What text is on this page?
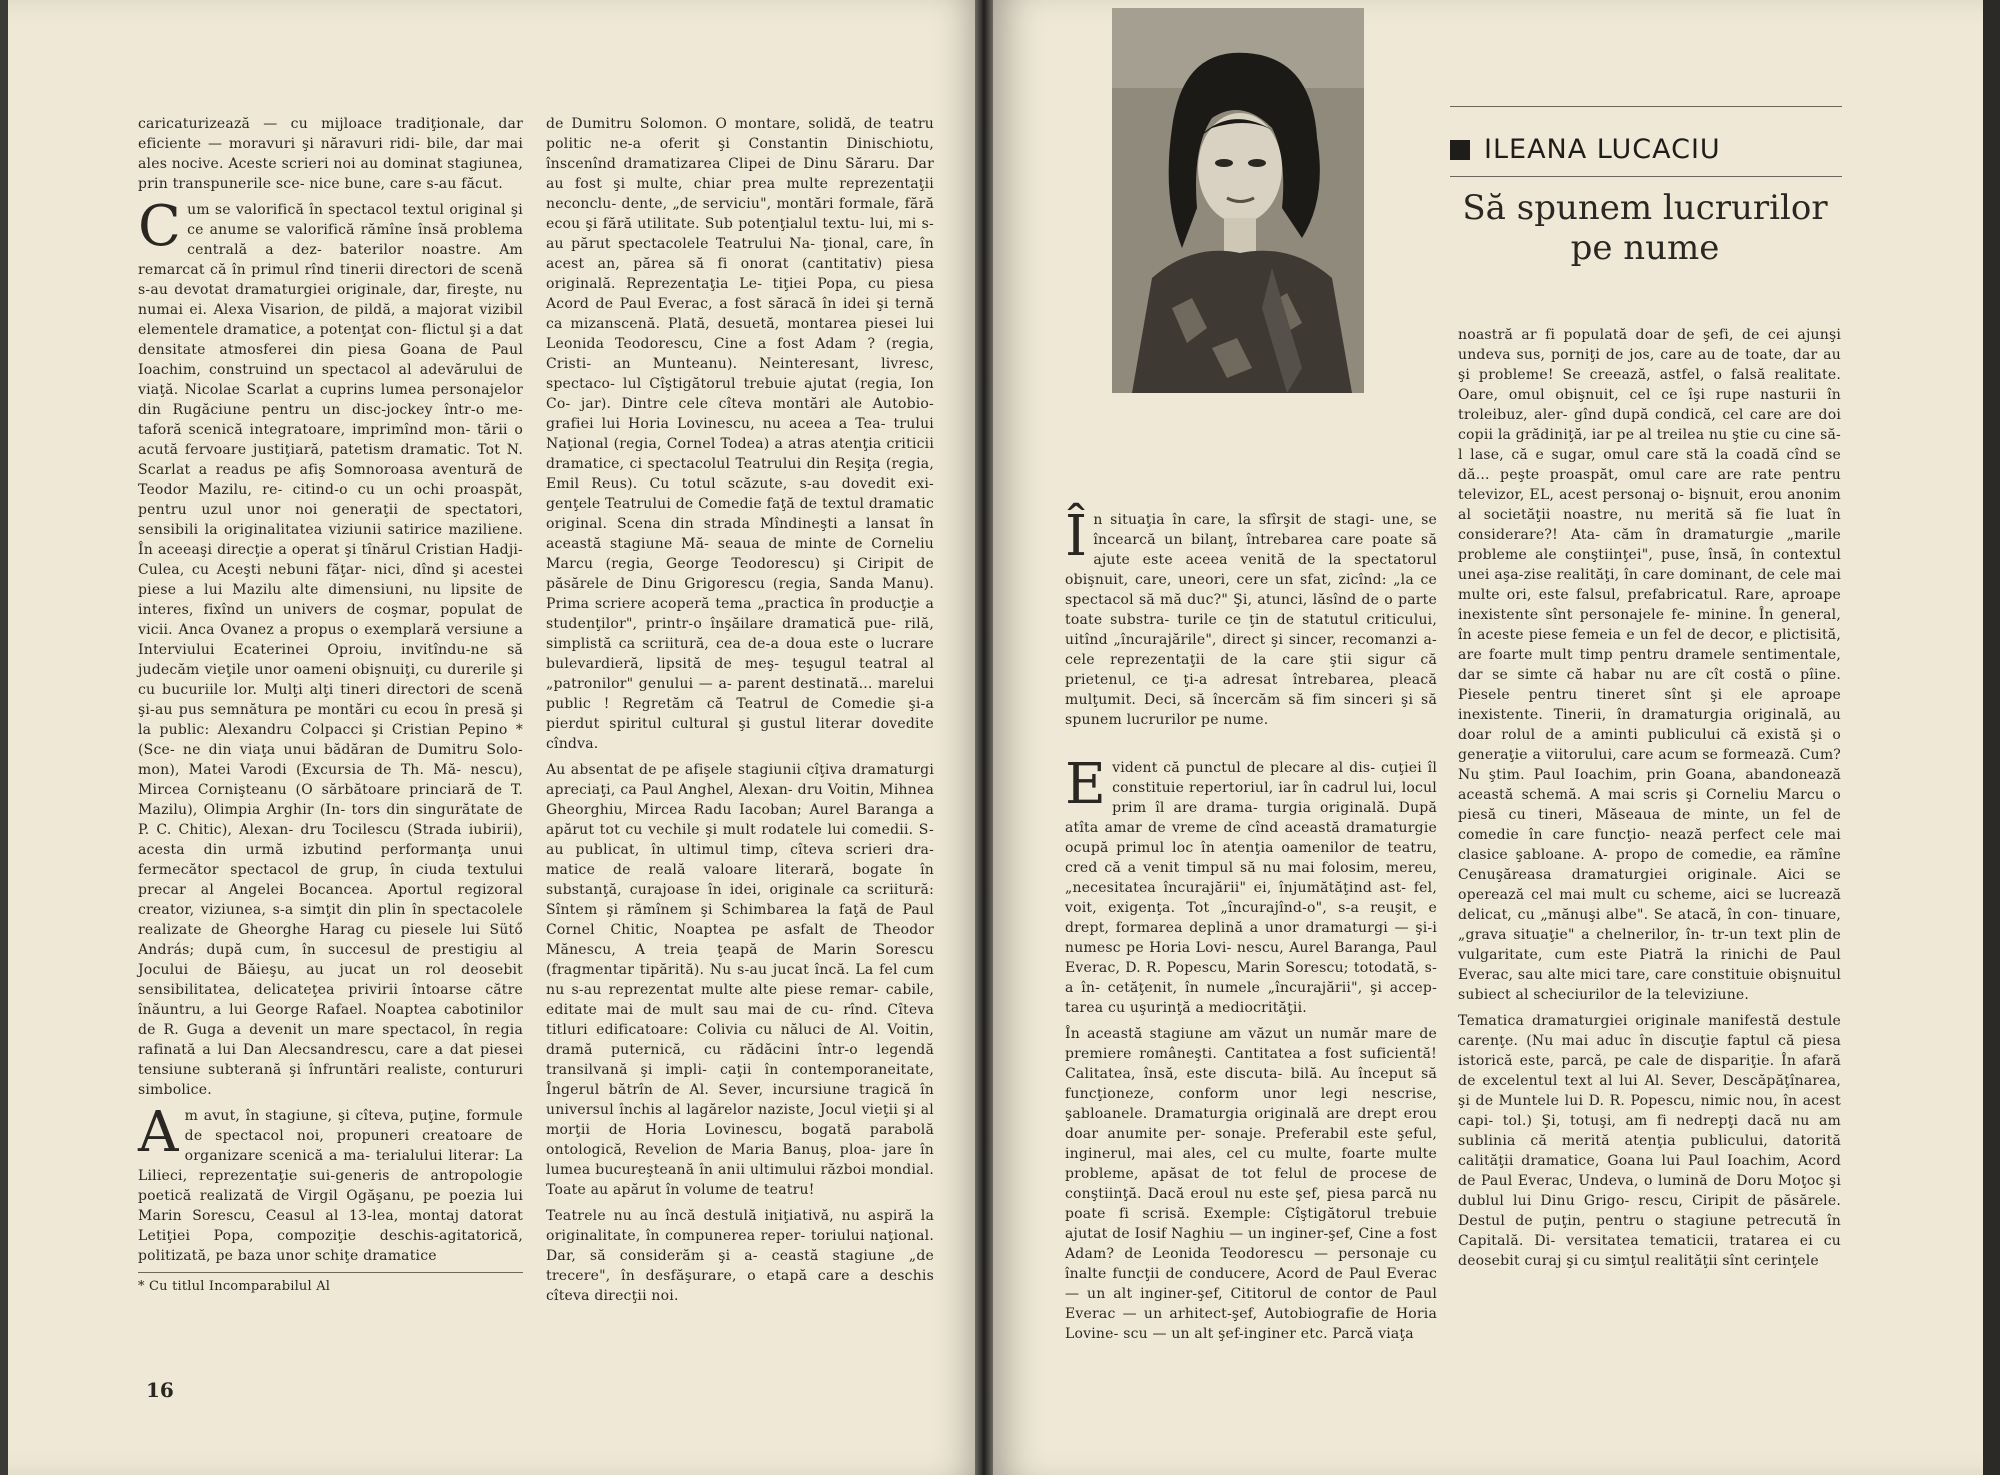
caricaturizează — cu mijloace tradiţionale, dar eficiente — moravuri şi năravuri ridi- bile, dar mai ales nocive. Aceste scrieri noi au dominat stagiunea, prin transpunerile sce- nice bune, care s-au făcut.

Cum se valorifică în spectacol textul original şi ce anume se valorifică rămîne însă problema centrală a dez- baterilor noastre. Am remarcat că în primul rînd tinerii directori de scenă s-au devotat dramaturgiei originale, dar, fireşte, nu numai ei. Alexa Visarion, de pildă, a majorat vizibil elementele dramatice, a potenţat con- flictul şi a dat densitate atmosferei din piesa Goana de Paul Ioachim, construind un spectacol al adevărului de viaţă. Nicolae Scarlat a cuprins lumea personajelor din Rugăciune pentru un disc-jockey într-o me- taforă scenică integratoare, imprimînd mon- tării o acută fervoare justiţiară, patetism dramatic. Tot N. Scarlat a readus pe afiş Somnoroasa aventură de Teodor Mazilu, re- citind-o cu un ochi proaspăt, pentru uzul unor noi generaţii de spectatori, sensibili la originalitatea viziunii satirice maziliene. În aceeaşi direcţie a operat şi tînărul Cristian Hadji-Culea, cu Aceşti nebuni făţar- nici, dînd şi acestei piese a lui Mazilu alte dimensiuni, nu lipsite de interes, fixînd un univers de coşmar, populat de vicii. Anca Ovanez a propus o exemplară versiune a Interviului Ecaterinei Oproiu, invitîndu-ne să judecăm vieţile unor oameni obişnuiţi, cu durerile şi cu bucuriile lor. Mulţi alţi tineri directori de scenă şi-au pus semnătura pe montări cu ecou în presă şi la public: Alexandru Colpacci şi Cristian Pepino * (Sce- ne din viaţa unui bădăran de Dumitru Solo- mon), Matei Varodi (Excursia de Th. Mă- nescu), Mircea Cornişteanu (O sărbătoare princiară de T. Mazilu), Olimpia Arghir (In- tors din singurătate de P. C. Chitic), Alexan- dru Tocilescu (Strada iubirii), acesta din urmă izbutind performanţa unui fermecător spectacol de grup, în ciuda textului precar al Angelei Bocancea. Aportul regizoral creator, viziunea, s-a simţit din plin în spectacolele realizate de Gheorghe Harag cu piesele lui Sütő András; după cum, în succesul de prestigiu al Jocului de Băieşu, au jucat un rol deosebit sensibilitatea, delicateţea privirii întoarse către înăuntru, a lui George Rafael. Noaptea cabotinilor de R. Guga a devenit un mare spectacol, în regia rafinată a lui Dan Alecsandrescu, care a dat piesei tensiune subterană şi înfruntări realiste, contururi simbolice.

Am avut, în stagiune, şi cîteva, puţine, formule de spectacol noi, propuneri creatoare de organizare scenică a ma- terialului literar: La Lilieci, reprezentaţie sui-generis de antropologie poetică realizată de Virgil Ogăşanu, pe poezia lui Marin Sorescu, Ceasul al 13-lea, montaj datorat Letiţiei Popa, compoziţie deschis-agitatorică, politizată, pe baza unor schiţe dramatice

* Cu titlul Incomparabilul Al

de Dumitru Solomon. O montare, solidă, de teatru politic ne-a oferit şi Constantin Dinischiotu, înscenînd dramatizarea Clipei de Dinu Săraru. Dar au fost şi multe, chiar prea multe reprezentaţii neconclu- dente, „de serviciu", montări formale, fără ecou şi fără utilitate. Sub potenţialul textu- lui, mi s-au părut spectacolele Teatrului Na- ţional, care, în acest an, părea să fi onorat (cantitativ) piesa originală. Reprezentaţia Le- tiţiei Popa, cu piesa Acord de Paul Everac, a fost săracă în idei şi ternă ca mizanscenă. Plată, desuetă, montarea piesei lui Leonida Teodorescu, Cine a fost Adam ? (regia, Cristi- an Munteanu). Neinteresant, livresc, spectaco- lul Cîştigătorul trebuie ajutat (regia, Ion Co- jar). Dintre cele cîteva montări ale Autobio- grafiei lui Horia Lovinescu, nu aceea a Tea- trului Naţional (regia, Cornel Todea) a atras atenţia criticii dramatice, ci spectacolul Teatrului din Reşiţa (regia, Emil Reus). Cu totul scăzute, s-au dovedit exi- genţele Teatrului de Comedie faţă de textul dramatic original. Scena din strada Mîndineşti a lansat în această stagiune Mă- seaua de minte de Corneliu Marcu (regia, George Teodorescu) şi Ciripit de păsărele de Dinu Grigorescu (regia, Sanda Manu). Prima scriere acoperă tema „practica în producţie a studenţilor", printr-o înşăilare dramatică pue- rilă, simplistă ca scriitură, cea de-a doua este o lucrare bulevardieră, lipsită de meş- teşugul teatral al „patronilor" genului — a- parent destinată... marelui public ! Regretăm că Teatrul de Comedie şi-a pierdut spiritul cultural şi gustul literar dovedite cîndva.

Au absentat de pe afişele stagiunii cîţiva dramaturgi apreciaţi, ca Paul Anghel, Alexan- dru Voitin, Mihnea Gheorghiu, Mircea Radu Iacoban; Aurel Baranga a apărut tot cu vechile şi mult rodatele lui comedii. S-au publicat, în ultimul timp, cîteva scrieri dra- matice de reală valoare literară, bogate în substanţă, curajoase în idei, originale ca scriitură: Sîntem şi rămînem şi Schimbarea la faţă de Paul Cornel Chitic, Noaptea pe asfalt de Theodor Mănescu, A treia ţeapă de Marin Sorescu (fragmentar tipărită). Nu s-au jucat încă. La fel cum nu s-au reprezentat multe alte piese remar- cabile, editate mai de mult sau mai de cu- rînd. Cîteva titluri edificatoare: Colivia cu năluci de Al. Voitin, dramă puternică, cu rădăcini într-o legendă transilvană şi impli- caţii în contemporaneitate, Îngerul bătrîn de Al. Sever, incursiune tragică în universul închis al lagărelor naziste, Jocul vieţii şi al morţii de Horia Lovinescu, bogată parabolă ontologică, Revelion de Maria Banuş, ploa- jare în lumea bucureşteană în anii ultimului război mondial. Toate au apărut în volume de teatru!

Teatrele nu au încă destulă iniţiativă, nu aspiră la originalitate, în compunerea reper- toriului naţional. Dar, să considerăm şi a- ceastă stagiune „de trecere", în desfăşurare, o etapă care a deschis cîteva direcţii noi.

16
ILEANA LUCACIU
Să spunem lucrurilor pe nume

În situaţia în care, la sfîrşit de stagi- une, se încearcă un bilanţ, întrebarea care poate să ajute este aceea venită de la spectatorul obişnuit, care, uneori, cere un sfat, zicînd: „la ce spectacol să mă duc?" Şi, atunci, lăsînd de o parte toate substra- turile ce ţin de statutul criticului, uitînd „încurajările", direct şi sincer, recomanzi a- cele reprezentaţii de la care ştii sigur că prietenul, ce ţi-a adresat întrebarea, pleacă mulţumit. Deci, să încercăm să fim sinceri şi să spunem lucrurilor pe nume.

Evident că punctul de plecare al dis- cuţiei îl constituie repertoriul, iar în cadrul lui, locul prim îl are drama- turgia originală. După atîta amar de vreme de cînd această dramaturgie ocupă primul loc în atenţia oamenilor de teatru, cred că a venit timpul să nu mai folosim, mereu, „necesitatea încurajării" ei, înjumătăţind ast- fel, voit, exigenţa. Tot „încurajînd-o", s-a reuşit, e drept, formarea deplină a unor dramaturgi — şi-i numesc pe Horia Lovi- nescu, Aurel Baranga, Paul Everac, D. R. Popescu, Marin Sorescu; totodată, s-a în- cetăţenit, în numele „încurajării", şi accep- tarea cu uşurinţă a mediocrităţii.

În această stagiune am văzut un număr mare de premiere româneşti. Cantitatea a fost suficientă! Calitatea, însă, este discuta- bilă. Au început să funcţioneze, conform unor legi nescrise, şabloanele. Dramaturgia originală are drept erou doar anumite per- sonaje. Preferabil este şeful, inginerul, mai ales, cel cu multe, foarte multe probleme, apăsat de tot felul de procese de conştiinţă. Dacă eroul nu este şef, piesa parcă nu poate fi scrisă. Exemple: Cîştigătorul trebuie ajutat de Iosif Naghiu — un inginer-şef, Cine a fost Adam? de Leonida Teodorescu — personaje cu înalte funcţii de conducere, Acord de Paul Everac — un alt inginer-şef, Cititorul de contor de Paul Everac — un arhitect-şef, Autobiografie de Horia Lovine- scu — un alt şef-inginer etc. Parcă viaţa

noastră ar fi populată doar de şefi, de cei ajunşi undeva sus, porniţi de jos, care au de toate, dar au şi probleme! Se creează, astfel, o falsă realitate. Oare, omul obişnuit, cel ce îşi rupe nasturii în troleibuz, aler- gînd după condică, cel care are doi copii la grădiniţă, iar pe al treilea nu ştie cu cine să-l lase, că e sugar, omul care stă la coadă cînd se dă... peşte proaspăt, omul care are rate pentru televizor, EL, acest personaj o- bişnuit, erou anonim al societăţii noastre, nu merită să fie luat în considerare?! Ata- căm în dramaturgie „marile probleme ale conştiinţei", puse, însă, în contextul unei aşa-zise realităţi, în care dominant, de cele mai multe ori, este falsul, prefabricatul. Rare, aproape inexistente sînt personajele fe- minine. În general, în aceste piese femeia e un fel de decor, e plictisită, are foarte mult timp pentru dramele sentimentale, dar se simte că habar nu are cît costă o pîine. Piesele pentru tineret sînt şi ele aproape inexistente. Tinerii, în dramaturgia originală, au doar rolul de a aminti publicului că există şi o generaţie a viitorului, care acum se formează. Cum? Nu ştim. Paul Ioachim, prin Goana, abandonează această schemă. A mai scris şi Corneliu Marcu o piesă cu tineri, Măseaua de minte, un fel de comedie în care funcţio- nează perfect cele mai clasice şabloane. A- propo de comedie, ea rămîne Cenuşăreasa dramaturgiei originale. Aici se operează cel mai mult cu scheme, aici se lucrează delicat, cu „mănuşi albe". Se atacă, în con- tinuare, „grava situaţie" a chelnerilor, în- tr-un text plin de vulgaritate, cum este Piatră la rinichi de Paul Everac, sau alte mici tare, care constituie obişnuitul subiect al scheciurilor de la televiziune.

Tematica dramaturgiei originale manifestă destule carenţe. (Nu mai aduc în discuţie faptul că piesa istorică este, parcă, pe cale de dispariţie. În afară de excelentul text al lui Al. Sever, Descăpăţînarea, şi de Muntele lui D. R. Popescu, nimic nou, în acest capi- tol.) Şi, totuşi, am fi nedrepţi dacă nu am sublinia că merită atenţia publicului, datorită calităţii dramatice, Goana lui Paul Ioachim, Acord de Paul Everac, Undeva, o lumină de Doru Moţoc şi dublul lui Dinu Grigo- rescu, Ciripit de păsărele. Destul de puţin, pentru o stagiune petrecută în Capitală. Di- versitatea tematicii, tratarea ei cu deosebit curaj şi cu simţul realităţii sînt cerinţele
